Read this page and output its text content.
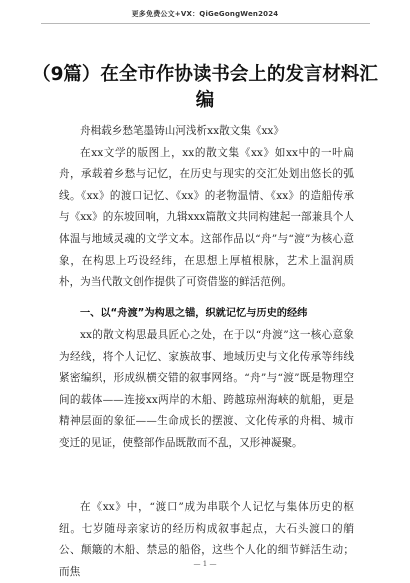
更多免费公文+VX：QiGeGongWen2024
（9篇）在全市作协读书会上的发言材料汇编
舟楫载乡愁笔墨铸山河浅析xx散文集《xx》
在xx文学的版图上，xx的散文集《xx》如xx中的一叶扁舟，承载着乡愁与记忆，在历史与现实的交汇处划出悠长的弧线。《xx》的渡口记忆、《xx》的老物温情、《xx》的造船传承与《xx》的东坡回响，九辑xxx篇散文共同构建起一部兼具个人体温与地域灵魂的文学文本。这部作品以“舟”与“渡”为核心意象，在构思上巧设经纬，在思想上厚植根脉，艺术上温润质朴，为当代散文创作提供了可资借鉴的鲜活范例。
一、以“舟渡”为构思之锚，织就记忆与历史的经纬
xx的散文构思最具匠心之处，在于以“舟渡”这一核心意象为经线，将个人记忆、家族故事、地域历史与文化传承等纬线紧密编织，形成纵横交错的叙事网络。“舟”与“渡”既是物理空间的载体——连接xx两岸的木船、跨越琼州海峡的航船，更是精神层面的象征——生命成长的摆渡、文化传承的舟楫、城市变迁的见证，使整部作品既散而不乱，又形神凝聚。
在《xx》中，“渡口”成为串联个人记忆与集体历史的枢纽。七岁随母亲家访的经历构成叙事起点，大石头渡口的艄公、颠簸的木船、禁忌的船俗，这些个人化的细节鲜活生动；而焦
— 1 —
